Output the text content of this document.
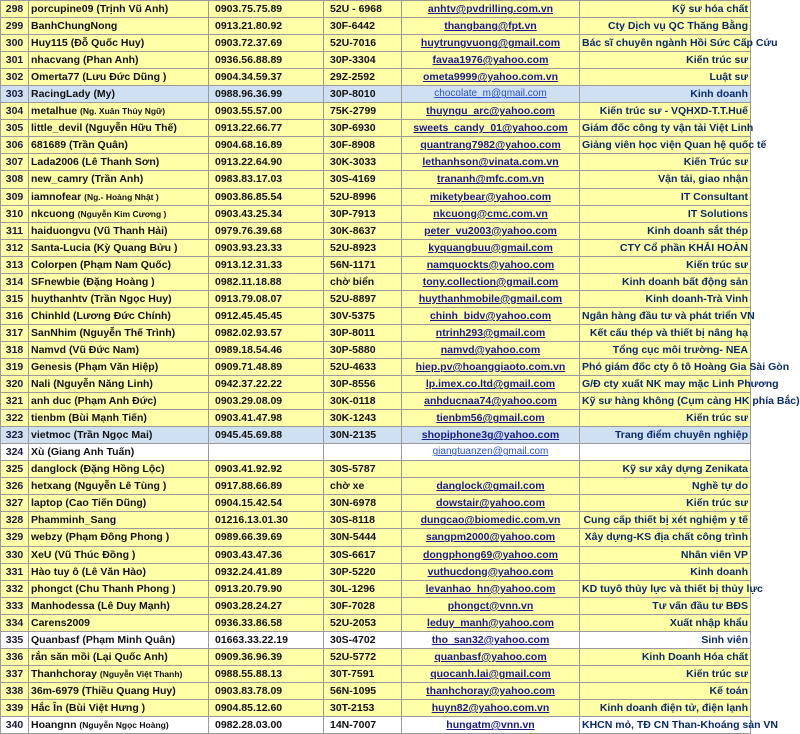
298	porcupine09 (Trịnh Vũ Anh)	0903.75.75.89	52U - 6968	anhtv@pvdrilling.com.vn	Kỹ sư hóa chất
299	BanhChungNong	0913.21.80.92	30F-6442	thangbang@fpt.vn	Cty Dịch vụ QC Thăng Bằng
300	Huy115 (Đỗ Quốc Huy)	0903.72.37.69	52U-7016	huytrungvuong@gmail.com	Bác sĩ chuyên ngành Hồi Sức Cấp Cứu
301	nhacvang (Phan Anh)	0936.56.88.89	30P-3304	favaa1976@yahoo.com	Kiến trúc sư
302	Omerta77 (Lưu Đức Dũng )	0904.34.59.37	29Z-2592	ometa9999@yahoo.com.vn	Luật sư
303	RacingLady (My)	0988.96.36.99	30P-8010	chocolate_m@gmail.com	Kinh doanh
304	metalhue (Ng. Xuân Thủy Ngữ)	0903.55.57.00	75K-2799	thuyngu_arc@yahoo.com	Kiến trúc sư - VQHXD-T.T.Huế
305	little_devil (Nguyễn Hữu Thế)	0913.22.66.77	30P-6930	sweets_candy_01@yahoo.com	Giám đốc công ty vận tải Việt Linh
306	681689 (Trần Quân)	0904.68.16.89	30F-8908	quantrang7982@yahoo.com	Giảng viên học viện Quan hệ quốc tế
307	Lada2006 (Lê Thanh Sơn)	0913.22.64.90	30K-3033	lethanhson@vinata.com.vn	Kiến Trúc sư
308	new_camry (Trần Anh)	0983.83.17.03	30S-4169	trananh@mfc.com.vn	Vận tải, giao nhận
309	iamnofear (Ng.- Hoàng Nhật )	0903.86.85.54	52U-8996	miketybear@yahoo.com	IT Consultant
310	nkcuong (Nguyễn Kim Cương )	0903.43.25.34	30P-7913	nkcuong@cmc.com.vn	IT Solutions
311	haiduongvu (Vũ Thanh Hải)	0979.76.39.68	30K-8637	peter_vu2003@yahoo.com	Kinh doanh sắt thép
312	Santa-Lucia (Kỳ Quang Bửu )	0903.93.23.33	52U-8923	kyquangbuu@gmail.com	CTY Cổ phần KHẢI HOÀN
313	Colorpen (Phạm Nam Quốc)	0913.12.31.33	56N-1171	namquockts@yahoo.com	Kiến trúc sư
314	SFnewbie (Đặng Hoàng )	0982.11.18.88	chờ biển	tony.collection@gmail.com	Kinh doanh bất động sản
315	huythanhtv (Trần Ngọc Huy)	0913.79.08.07	52U-8897	huythanhmobile@gmail.com	Kinh doanh-Trà Vinh
316	Chinhld (Lương Đức Chính)	0912.45.45.45	30V-5375	chinh_bidv@yahoo.com	Ngân hàng đầu tư và phát triển VN
317	SanNhim (Nguyễn Thế Trình)	0982.02.93.57	30P-8011	ntrinh293@gmail.com	Kết cấu thép và thiết bị nâng hạ
318	Namvd (Vũ Đức Nam)	0989.18.54.46	30P-5880	namvd@yahoo.com	Tổng cục môi trường- NEA
319	Genesis (Phạm Văn Hiệp)	0909.71.48.89	52U-4633	hiep.pv@hoanggiaoto.com.vn	Phó giám đốc cty ô tô Hoàng Gia Sài Gòn
320	Nali (Nguyễn Năng Linh)	0942.37.22.22	30P-8556	lp.imex.co.ltd@gmail.com	G/Đ cty xuất NK may mặc Linh Phương
321	anh duc (Phạm Anh Đức)	0903.29.08.09	30K-0118	anhducnaa74@yahoo.com	Kỹ sư hàng không (Cụm cảng HK phía Bắc)
322	tienbm (Bùi Mạnh Tiến)	0903.41.47.98	30K-1243	tienbm56@gmail.com	Kiến trúc sư
323	vietmoc (Trần Ngọc Mai)	0945.45.69.88	30N-2135	shopiphone3g@yahoo.com	Trang điểm chuyên nghiệp
324	Xù (Giang Anh Tuấn)			giangtuanzen@gmail.com	
325	danglock (Đặng Hồng Lộc)	0903.41.92.92	30S-5787		Kỹ sư xây dựng Zenikata
326	hetxang (Nguyễn Lê Tùng )	0917.88.66.89	chờ xe	danglock@gmail.com	Nghề tự do
327	laptop (Cao Tiến Dũng)	0904.15.42.54	30N-6978	dowstair@yahoo.com	Kiến trúc sư
328	Phamminh_Sang	01216.13.01.30	30S-8118	dungcao@biomedic.com.vn	Cung cấp thiết bị xét nghiệm y tế
329	webzy (Phạm Đông Phong )	0989.66.39.69	30N-5444	sangpm2000@yahoo.com	Xây dựng-KS địa chất công trình
330	XeU (Vũ Thúc Đồng )	0903.43.47.36	30S-6617	dongphong69@yahoo.com	Nhân viên VP
331	Hào tuy ô (Lê Văn Hào)	0932.24.41.89	30P-5220	vuthucdong@yahoo.com	Kinh doanh
332	phongct (Chu Thanh Phong )	0913.20.79.90	30L-1296	levanhao_hn@yahoo.com	KD tuyô thủy lực và thiết bị thủy lực
333	Manhodessa (Lê Duy Mạnh)	0903.28.24.27	30F-7028	phongct@vnn.vn	Tư vấn đầu tư BĐS
334	Carens2009	0936.33.86.58	52U-2053	leduy_manh@yahoo.com	Xuất nhập khẩu
335	Quanbasf (Phạm Minh Quân)	01663.33.22.19	30S-4702	tho_san32@yahoo.com	Sinh viên
336	rắn săn mồi (Lại Quốc Anh)	0909.36.96.39	52U-5772	quanbasf@yahoo.com	Kinh Doanh Hóa chất
337	Thanhchoray (Nguyễn Việt Thanh)	0988.55.88.13	30T-7591	quocanh.lai@gmail.com	Kiến trúc sư
338	36m-6979 (Thiều Quang Huy)	0903.83.78.09	56N-1095	thanhchoray@yahoo.com	Kế toán
339	Hắc În (Bùi Việt Hưng )	0904.85.12.60	30T-2153	huyn82@yahoo.com.vn	Kinh doanh điện tử, điện lạnh
340	Hoangnn (Nguyễn Ngọc Hoàng)	0982.28.03.00	14N-7007	hungatm@vnn.vn	KHCN mỏ, TĐ CN Than-Khoáng sản VN
